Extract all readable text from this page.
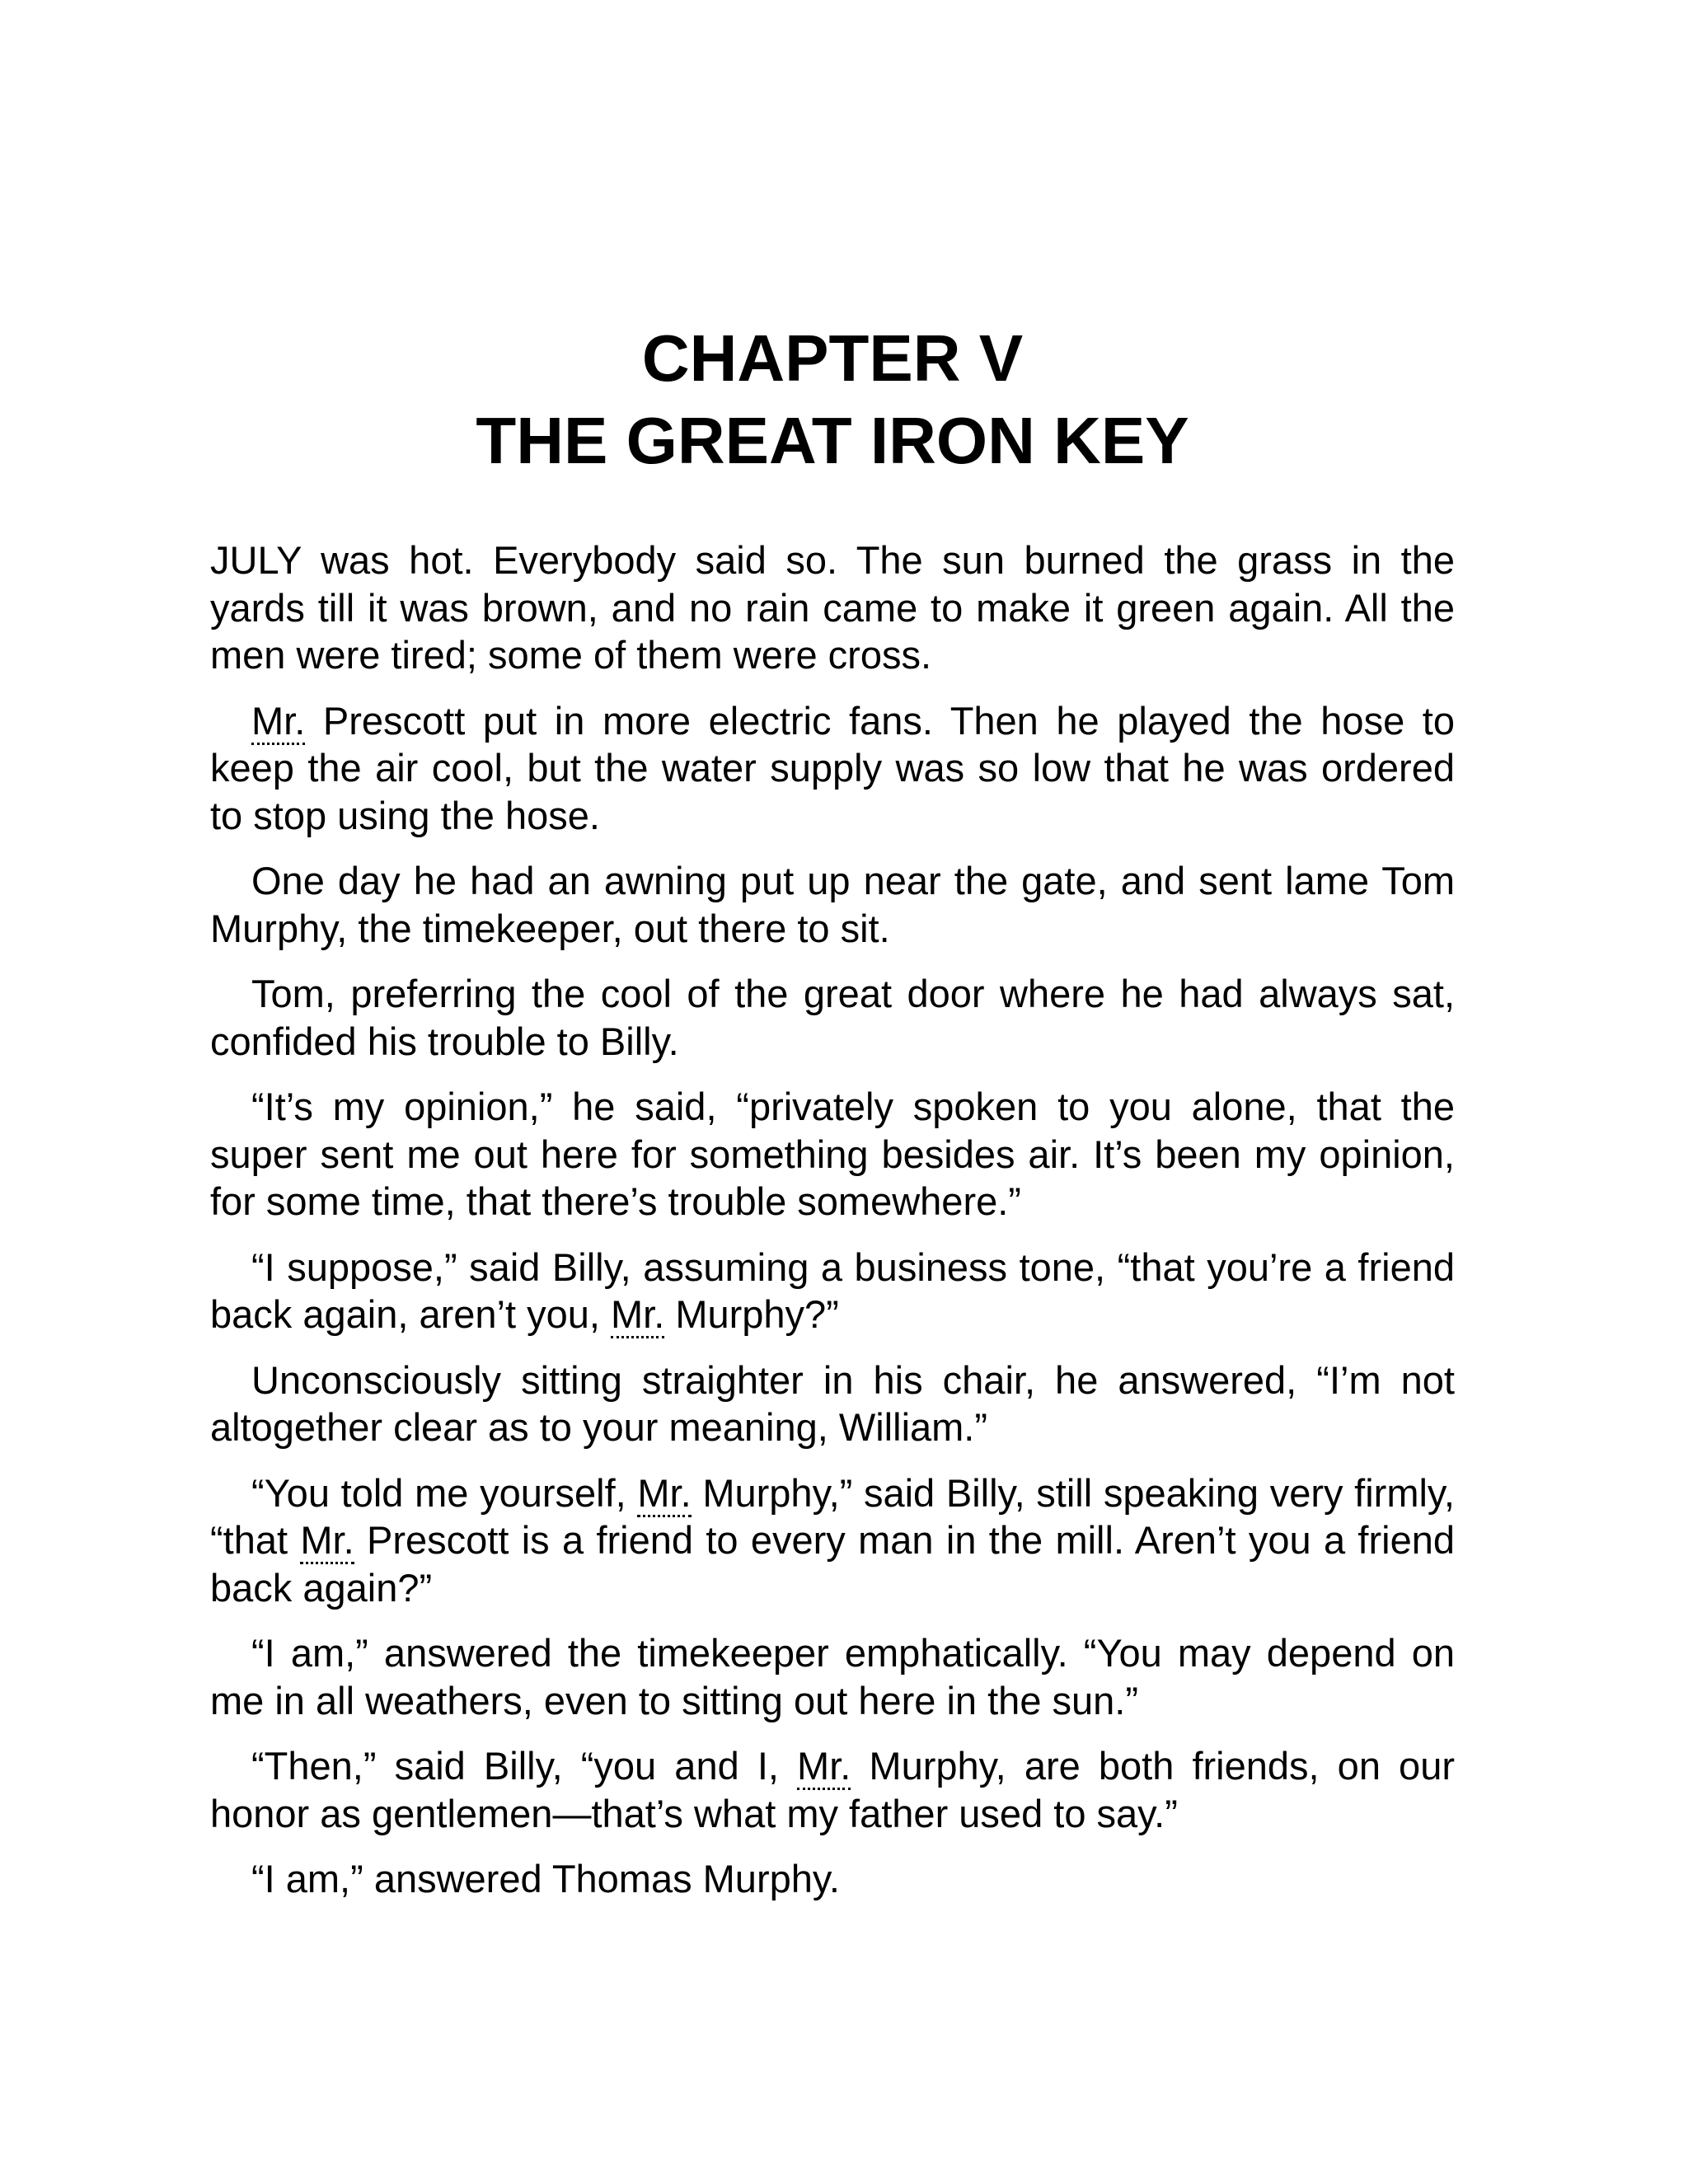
CHAPTER V
THE GREAT IRON KEY

JULY was hot. Everybody said so. The sun burned the grass in the yards till it was brown, and no rain came to make it green again. All the men were tired; some of them were cross.

Mr. Prescott put in more electric fans. Then he played the hose to keep the air cool, but the water supply was so low that he was ordered to stop using the hose.

One day he had an awning put up near the gate, and sent lame Tom Murphy, the timekeeper, out there to sit.

Tom, preferring the cool of the great door where he had always sat, confided his trouble to Billy.

“It’s my opinion,” he said, “privately spoken to you alone, that the super sent me out here for something besides air. It’s been my opinion, for some time, that there’s trouble somewhere.”

“I suppose,” said Billy, assuming a business tone, “that you’re a friend back again, aren’t you, Mr. Murphy?”

Unconsciously sitting straighter in his chair, he answered, “I’m not altogether clear as to your meaning, William.”

“You told me yourself, Mr. Murphy,” said Billy, still speaking very firmly, “that Mr. Prescott is a friend to every man in the mill. Aren’t you a friend back again?”

“I am,” answered the timekeeper emphatically. “You may depend on me in all weathers, even to sitting out here in the sun.”

“Then,” said Billy, “you and I, Mr. Murphy, are both friends, on our honor as gentlemen—that’s what my father used to say.”

“I am,” answered Thomas Murphy.
